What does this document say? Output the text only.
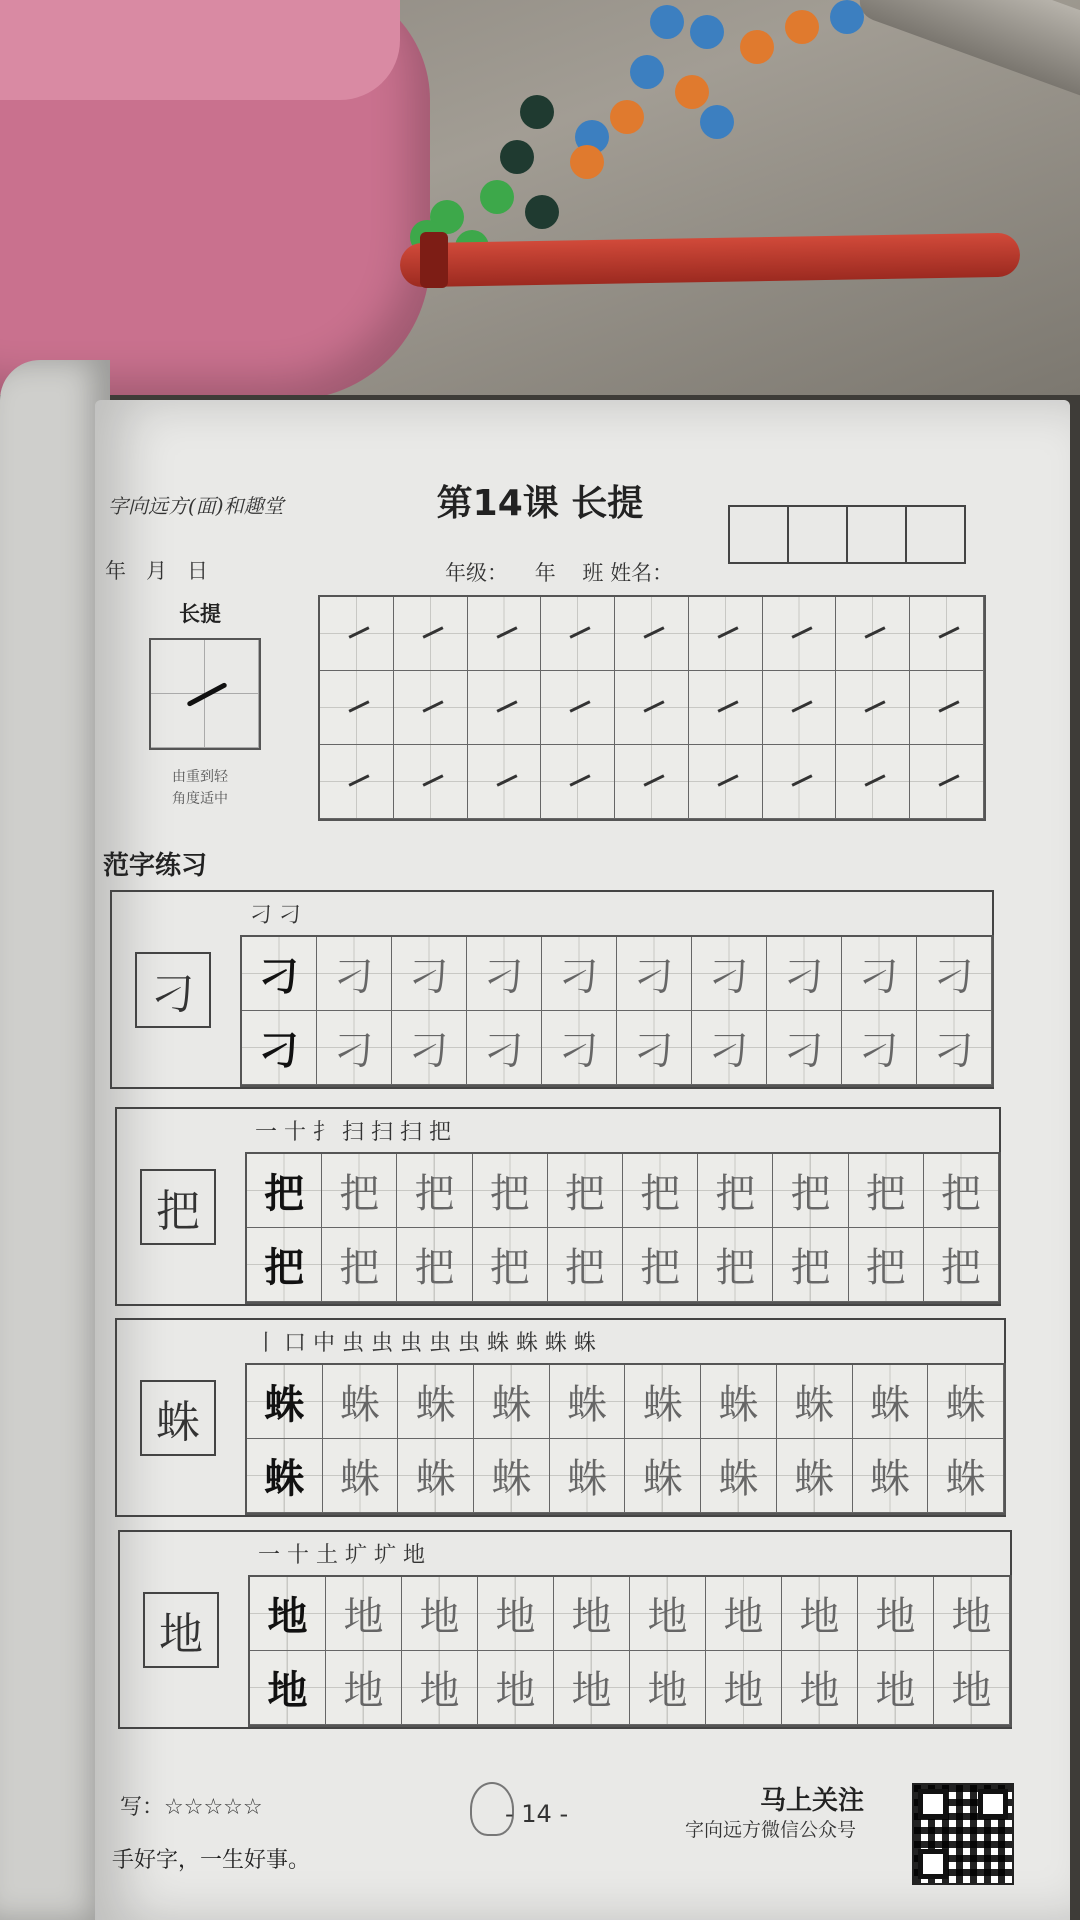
字向远方(面)和趣堂	第14课 长提
年   月   日	年级：    年    班 姓名：
长提
由重到轻
角度适中
范字练习
刁
刁 刁
刁 刁 刁 刁 刁 刁 刁 刁 刁 刁
刁 刁 刁 刁 刁 刁 刁 刁 刁 刁
把
一 十 扌 扫 扫 扫 把
把 把 把 把 把 把 把 把 把 把
把 把 把 把 把 把 把 把 把 把
蛛
丨 口 中 虫 虫 虫 虫 虫 蛛 蛛 蛛 蛛
蛛 蛛 蛛 蛛 蛛 蛛 蛛 蛛 蛛 蛛
蛛 蛛 蛛 蛛 蛛 蛛 蛛 蛛 蛛 蛛
地
一 十 土 圹 圹 地
地 地 地 地 地 地 地 地 地 地
地 地 地 地 地 地 地 地 地 地
写：☆☆☆☆☆
手好字，一生好事。
- 14 -	马上关注
字向远方微信公众号
